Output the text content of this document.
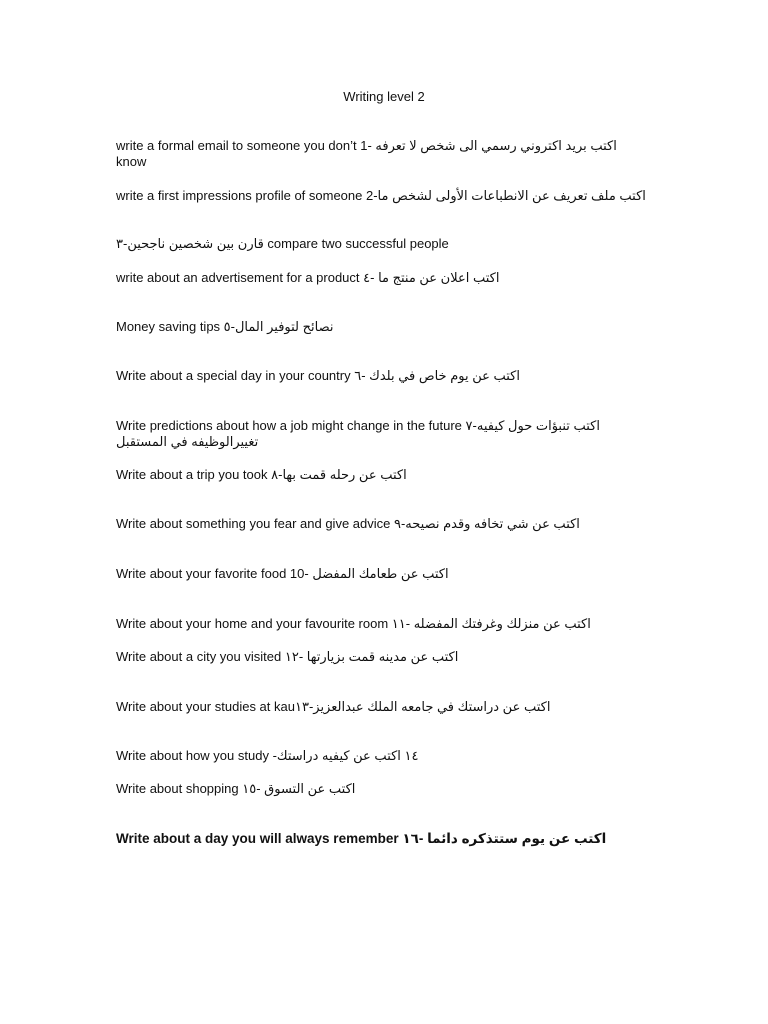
Writing level 2
write a formal email to someone you don’t ‫اكتب بريد اكتروني رسمي الى شخص لا تعرفه‬ -1
know
write a first impressions profile of someone ‫اكتب ملف تعريف عن الانطباعات الأولى لشخص ما‬-2
‫قارن بين شخصين ناجحين-٣‬ compare two successful people
write about an advertisement for a product ‫اكتب اعلان عن منتج ما -٤‬
Money saving tips ‫نصائح لتوفير المال-٥‬
Write about a special day in your country ‫اكتب عن يوم خاص في بلدك -٦‬
Write predictions about how a job might change in the future ‫اكتب تنبؤات حول كيفيه-٧‬
‫تغييرالوظيفه في المستقبل‬
Write about a trip you took ‫اكتب عن رحله قمت بها-٨‬
Write about something you fear and give advice ‫اكتب عن شي تخافه وقدم نصيحه-٩‬
Write about your favorite food 10- ‫اكتب عن طعامك المفضل‬
Write about your home and your favourite room ‫اكتب عن منزلك وغرفتك المفضله -١١‬
Write about a city you visited ‫اكتب عن مدينه قمت بزيارتها -١٢‬
Write about your studies at kau‫اكتب عن دراستك في جامعه الملك عبدالعزيز-١٣‬
Write about how you study ‫١٤ اكتب عن كيفيه دراستك-‬
Write about shopping ‫اكتب عن التسوق -١٥‬
Write about a day you will always remember ‫اكتب عن يوم ستتذكره دائما -١٦‬
